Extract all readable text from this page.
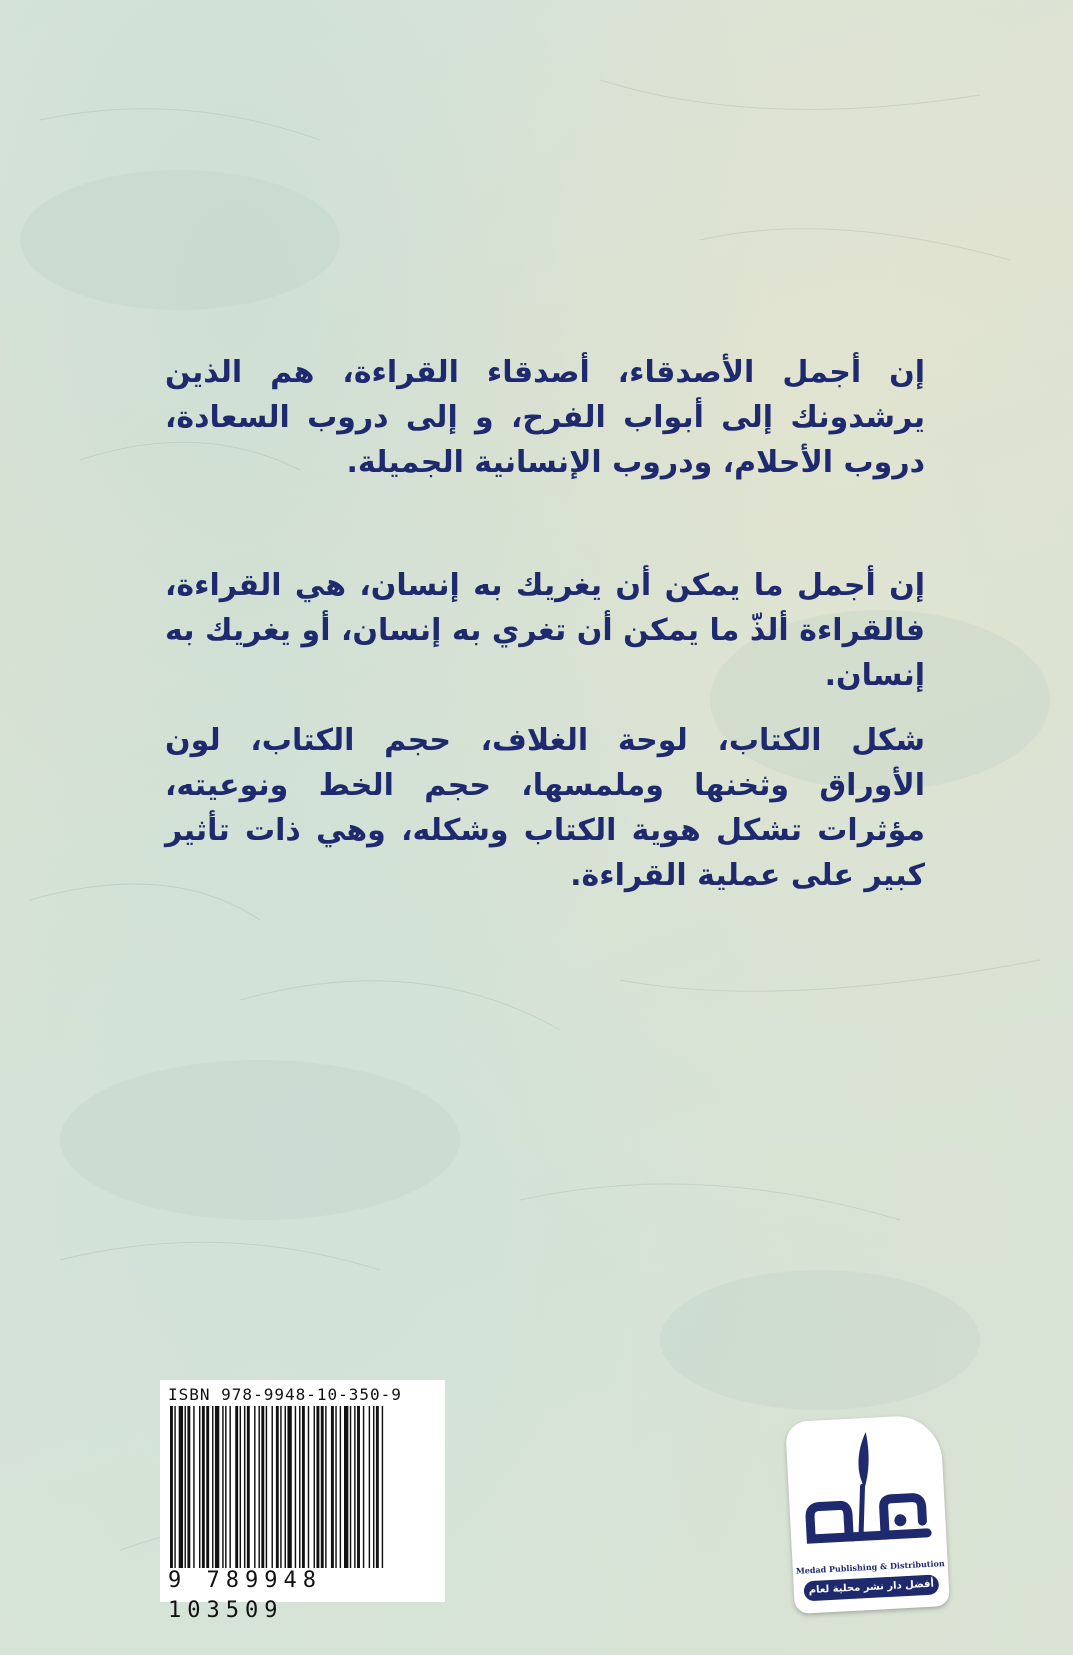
إن أجمل الأصدقاء، أصدقاء القراءة، هم الذين يرشدونك إلى أبواب الفرح، و إلى دروب السعادة، دروب الأحلام، ودروب الإنسانية الجميلة.

إن أجمل ما يمكن أن يغريك به إنسان، هي القراءة، فالقراءة ألذّ ما يمكن أن تغري به إنسان، أو يغريك به إنسان.

شكل الكتاب، لوحة الغلاف، حجم الكتاب، لون الأوراق وثخنها وملمسها، حجم الخط ونوعيته، مؤثرات تشكل هوية الكتاب وشكله، وهي ذات تأثير كبير على عملية القراءة.

ISBN 978-9948-10-350-9
9 789948 103509
Medad Publishing & Distribution
أفضل دار نشر محلية لعام 2016
